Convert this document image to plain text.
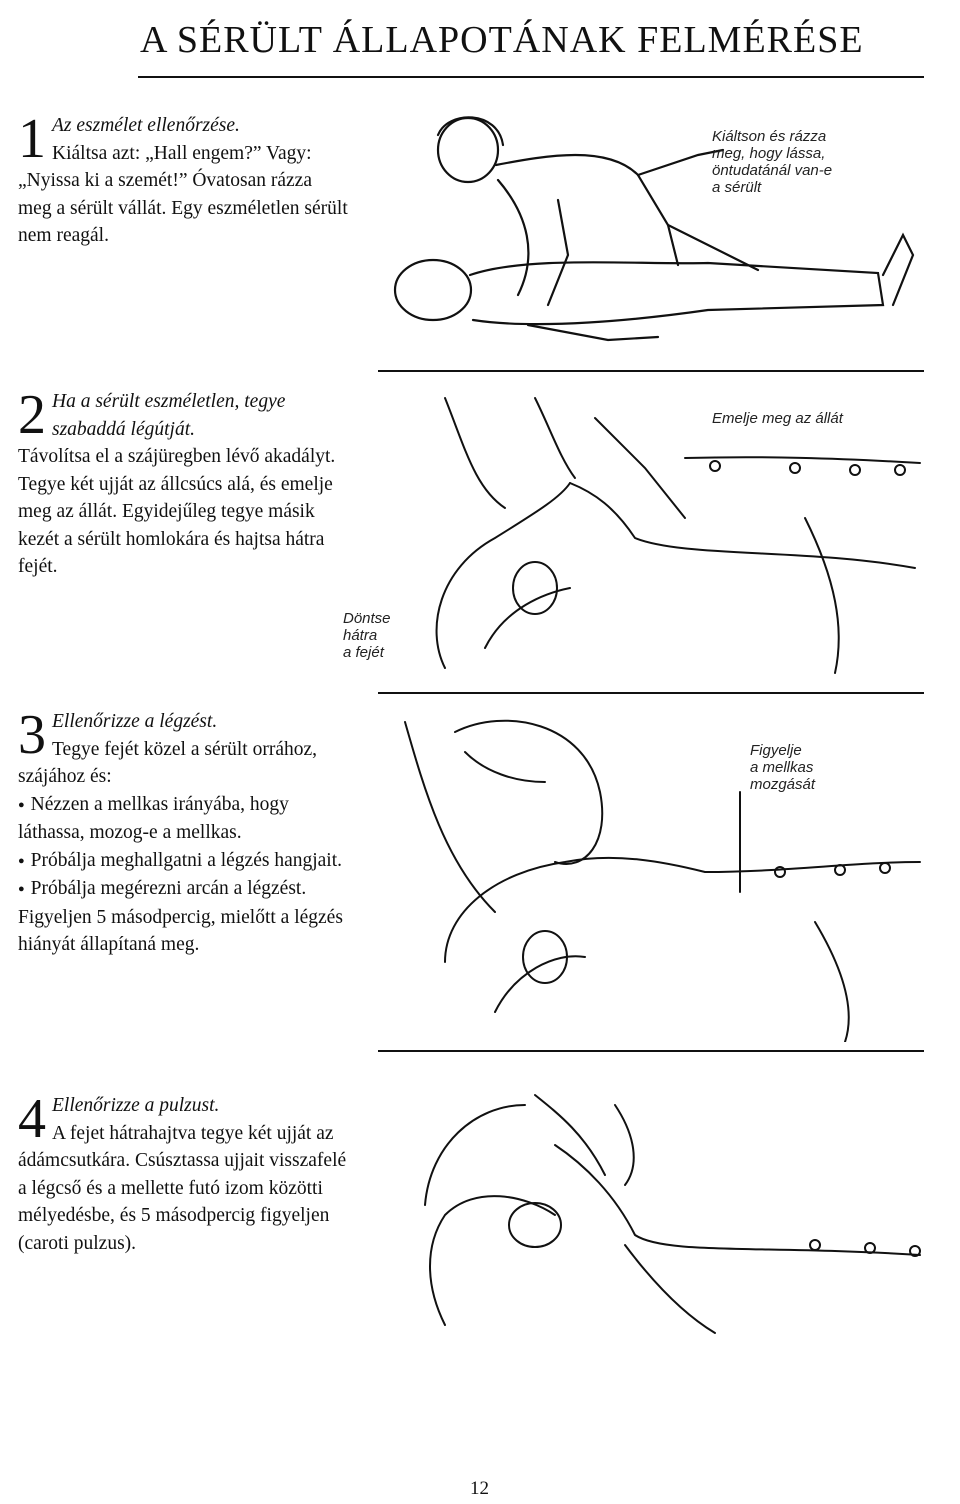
A SÉRÜLT ÁLLAPOTÁNAK FELMÉRÉSE
1 Az eszmélet ellenőrzése.
Kiáltsa azt: „Hall engem?” Vagy: „Nyissa ki a szemét!” Óvatosan rázza meg a sérült vállát. Egy eszméletlen sérült nem reagál.
Kiáltson és rázza
meg, hogy lássa,
öntudatánál van-e
a sérült
2 Ha a sérült eszméletlen, tegye szabaddá légútját.
Távolítsa el a szájüregben lévő akadályt. Tegye két ujját az állcsúcs alá, és emelje meg az állát. Egyidejűleg tegye másik kezét a sérült homlokára és hajtsa hátra fejét.
Emelje meg az állát
Döntse
hátra
a fejét
3 Ellenőrizze a légzést.
Tegye fejét közel a sérült orrához, szájához és:
● Nézzen a mellkas irányába, hogy láthassa, mozog-e a mellkas.
● Próbálja meghallgatni a légzés hangjait.
● Próbálja megérezni arcán a légzést.
Figyeljen 5 másodpercig, mielőtt a légzés hiányát állapítaná meg.
Figyelje
a mellkas
mozgását
4 Ellenőrizze a pulzust.
A fejet hátrahajtva tegye két ujját az ádámcsutkára. Csúsztassa ujjait visszafelé a légcső és a mellette futó izom közötti mélyedésbe, és 5 másodpercig figyeljen (caroti pulzus).
12
